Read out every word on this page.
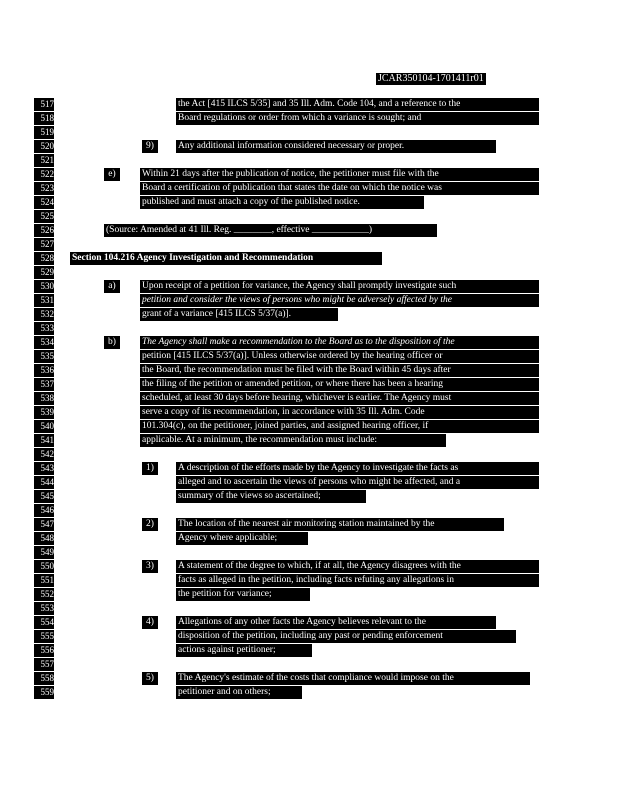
JCAR350104-1701411r01
517
518
519
520
521
522
523
524
525
526
527
528
529
530
531
532
533
534
535
536
537
538
539
540
541
542
543
544
545
546
547
548
549
550
551
552
553
554
555
556
557
558
559
the Act [415 ILCS 5/35] and 35 Ill. Adm. Code 104, and a reference to the
Board regulations or order from which a variance is sought; and
9)	Any additional information considered necessary or proper.
e)	Within 21 days after the publication of notice, the petitioner must file with the
Board a certification of publication that states the date on which the notice was
published and must attach a copy of the published notice.
(Source: Amended at 41 Ill. Reg. ________, effective ____________)
Section 104.216 Agency Investigation and Recommendation
a)	Upon receipt of a petition for variance, the Agency shall promptly investigate such
petition and consider the views of persons who might be adversely affected by the
grant of a variance [415 ILCS 5/37(a)].
b)	The Agency shall make a recommendation to the Board as to the disposition of the
petition [415 ILCS 5/37(a)]. Unless otherwise ordered by the hearing officer or
the Board, the recommendation must be filed with the Board within 45 days after
the filing of the petition or amended petition, or where there has been a hearing
scheduled, at least 30 days before hearing, whichever is earlier. The Agency must
serve a copy of its recommendation, in accordance with 35 Ill. Adm. Code
101.304(c), on the petitioner, joined parties, and assigned hearing officer, if
applicable. At a minimum, the recommendation must include:
1)	A description of the efforts made by the Agency to investigate the facts as
alleged and to ascertain the views of persons who might be affected, and a
summary of the views so ascertained;
2)	The location of the nearest air monitoring station maintained by the
Agency where applicable;
3)	A statement of the degree to which, if at all, the Agency disagrees with the
facts as alleged in the petition, including facts refuting any allegations in
the petition for variance;
4)	Allegations of any other facts the Agency believes relevant to the
disposition of the petition, including any past or pending enforcement
actions against petitioner;
5)	The Agency's estimate of the costs that compliance would impose on the
petitioner and on others;
